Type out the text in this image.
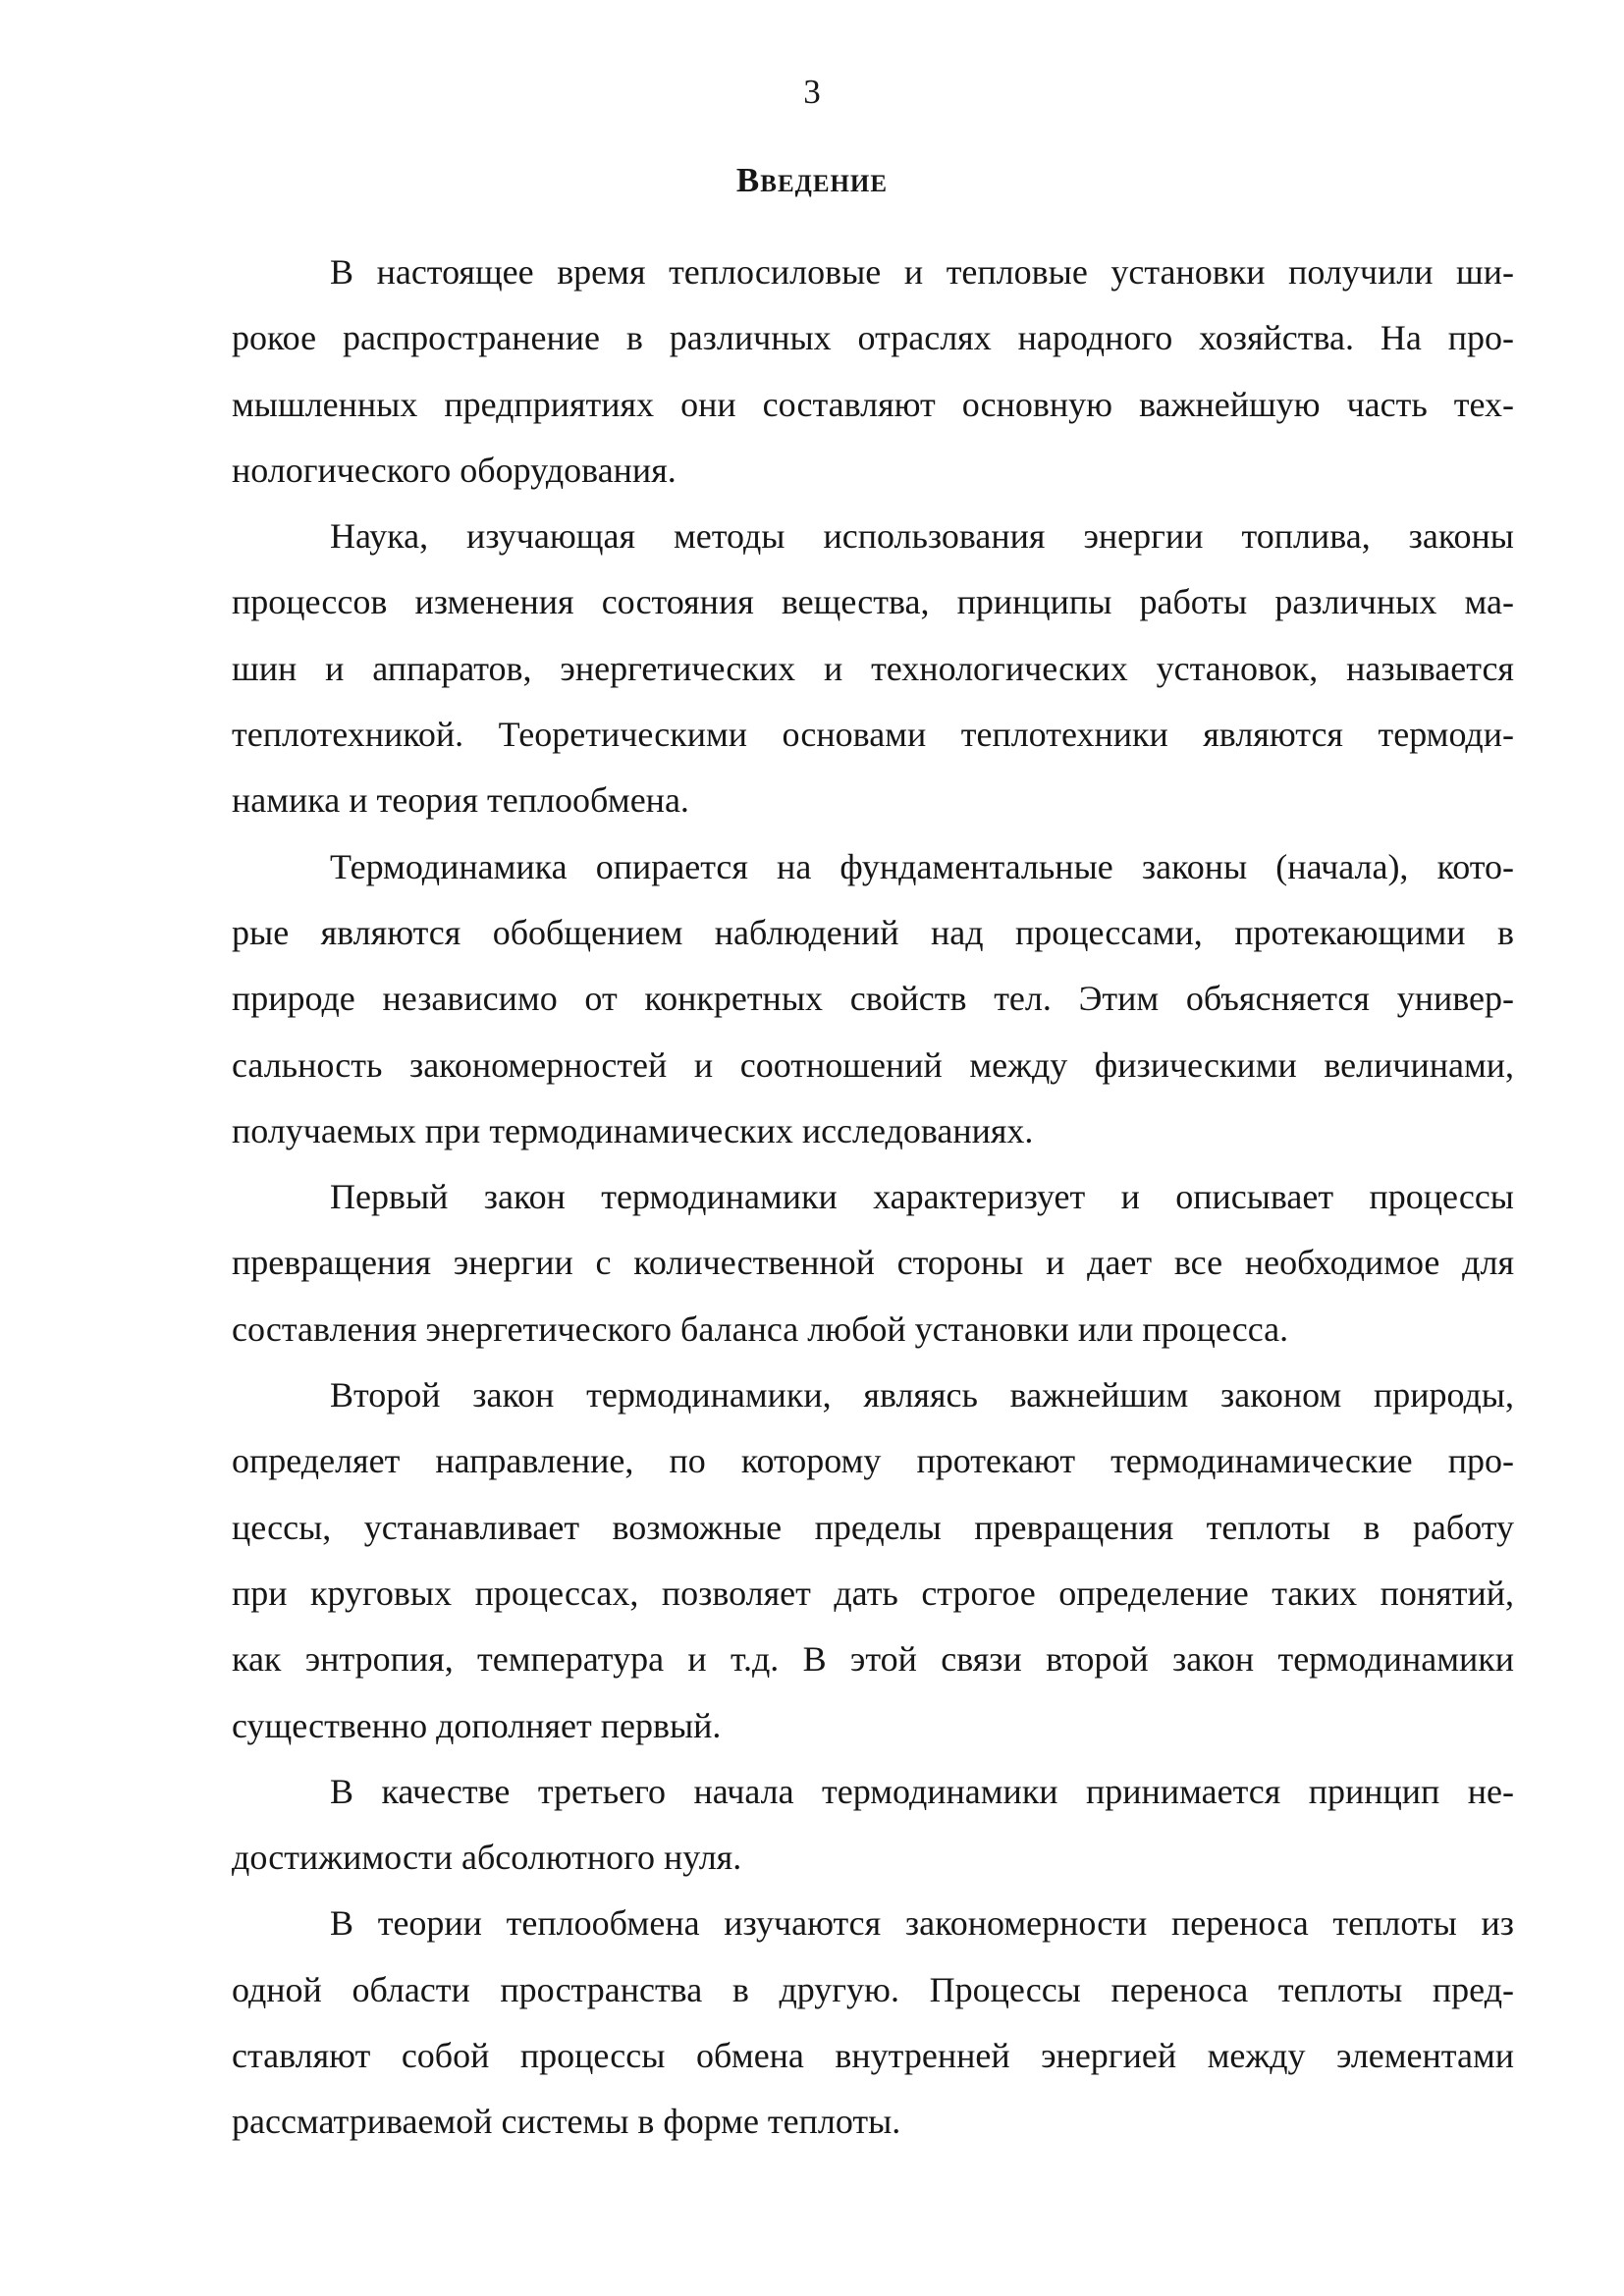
3

Введение
В настоящее время теплосиловые и тепловые установки получили ши-
рокое распространение в различных отраслях народного хозяйства. На про-
мышленных предприятиях они составляют основную важнейшую часть тех-
нологического оборудования.
Наука, изучающая методы использования энергии топлива, законы
процессов изменения состояния вещества, принципы работы различных ма-
шин и аппаратов, энергетических и технологических установок, называется
теплотехникой. Теоретическими основами теплотехники являются термоди-
намика и теория теплообмена.
Термодинамика опирается на фундаментальные законы (начала), кото-
рые являются обобщением наблюдений над процессами, протекающими в
природе независимо от конкретных свойств тел. Этим объясняется универ-
сальность закономерностей и соотношений между физическими величинами,
получаемых при термодинамических исследованиях.
Первый закон термодинамики характеризует и описывает процессы
превращения энергии с количественной стороны и дает все необходимое для
составления энергетического баланса любой установки или процесса.
Второй закон термодинамики, являясь важнейшим законом природы,
определяет направление, по которому протекают термодинамические про-
цессы, устанавливает возможные пределы превращения теплоты в работу
при круговых процессах, позволяет дать строгое определение таких понятий,
как энтропия, температура и т.д. В этой связи второй закон термодинамики
существенно дополняет первый.
В качестве третьего начала термодинамики принимается принцип не-
достижимости абсолютного нуля.
В теории теплообмена изучаются закономерности переноса теплоты из
одной области пространства в другую. Процессы переноса теплоты пред-
ставляют собой процессы обмена внутренней энергией между элементами
рассматриваемой системы в форме теплоты.
